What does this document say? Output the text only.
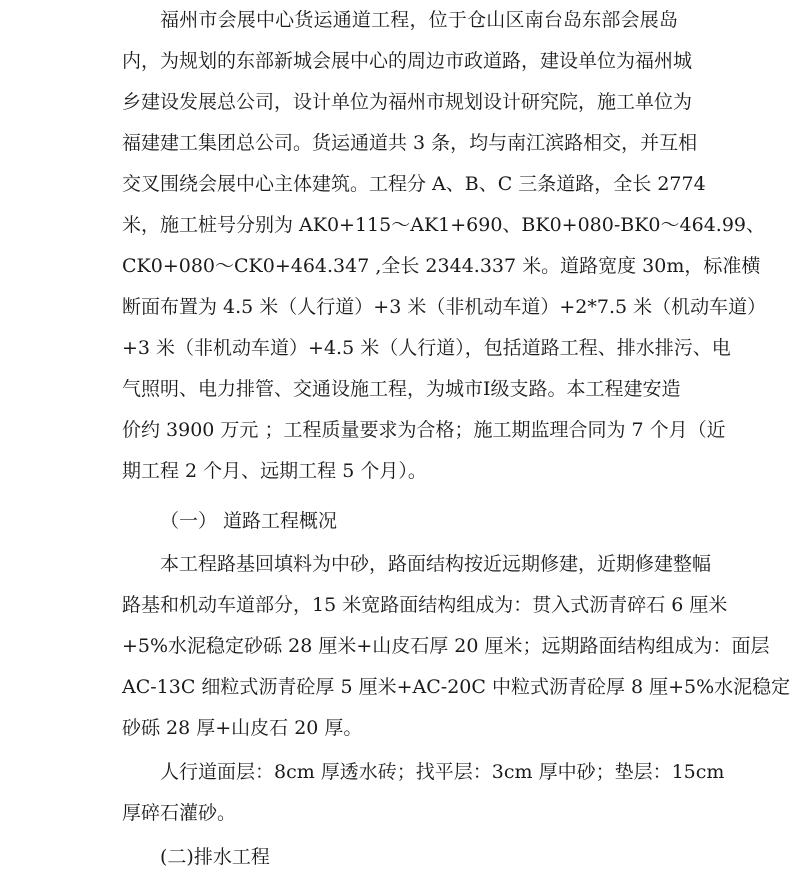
福州市会展中心货运通道工程，位于仓山区南台岛东部会展岛
内，为规划的东部新城会展中心的周边市政道路，建设单位为福州城
乡建设发展总公司，设计单位为福州市规划设计研究院，施工单位为
福建建工集团总公司。货运通道共 3 条，均与南江滨路相交，并互相
交叉围绕会展中心主体建筑。工程分 A、B、C 三条道路，全长 2774
米，施工桩号分别为 AK0+115～AK1+690、BK0+080-BK0～464.99、
CK0+080～CK0+464.347 ,全长 2344.337 米。道路宽度 30m，标准横
断面布置为 4.5 米（人行道）+3 米（非机动车道）+2*7.5 米（机动车道）
+3 米（非机动车道）+4.5 米（人行道），包括道路工程、排水排污、电
气照明、电力排管、交通设施工程，为城市Ⅰ级支路。本工程建安造
价约 3900 万元 ；工程质量要求为合格；施工期监理合同为 7 个月（近
期工程 2 个月、远期工程 5 个月）。
（一） 道路工程概况
本工程路基回填料为中砂，路面结构按近远期修建，近期修建整幅
路基和机动车道部分，15 米宽路面结构组成为：贯入式沥青碎石 6 厘米
+5%水泥稳定砂砾 28 厘米+山皮石厚 20 厘米；远期路面结构组成为：面层
AC-13C 细粒式沥青砼厚 5 厘米+AC-20C 中粒式沥青砼厚 8 厘+5%水泥稳定
砂砾 28 厚+山皮石 20 厚。
人行道面层：8cm 厚透水砖；找平层：3cm 厚中砂；垫层：15cm
厚碎石灌砂。
(二)排水工程
